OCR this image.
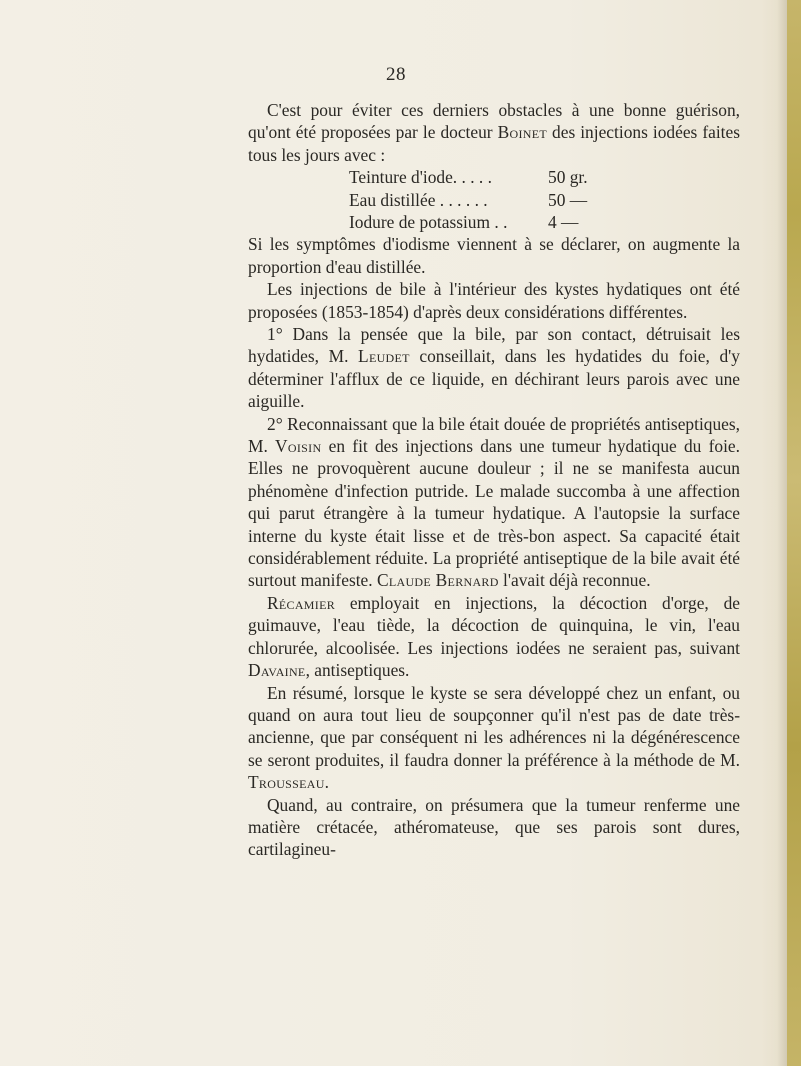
28

C'est pour éviter ces derniers obstacles à une bonne guérison, qu'ont été proposées par le docteur Boinet des injections iodées faites tous les jours avec :

Teinture d'iode. . . . .	50 gr.
Eau distillée . . . . . .	50 —
Iodure de potassium . .	4 —

Si les symptômes d'iodisme viennent à se déclarer, on augmente la proportion d'eau distillée.

Les injections de bile à l'intérieur des kystes hydatiques ont été proposées (1853-1854) d'après deux considérations différentes.

1° Dans la pensée que la bile, par son contact, détruisait les hydatides, M. Leudet conseillait, dans les hydatides du foie, d'y déterminer l'afflux de ce liquide, en déchirant leurs parois avec une aiguille.

2° Reconnaissant que la bile était douée de propriétés antiseptiques, M. Voisin en fit des injections dans une tumeur hydatique du foie. Elles ne provoquèrent aucune douleur ; il ne se manifesta aucun phénomène d'infection putride. Le malade succomba à une affection qui parut étrangère à la tumeur hydatique. A l'autopsie la surface interne du kyste était lisse et de très-bon aspect. Sa capacité était considérablement réduite. La propriété antiseptique de la bile avait été surtout manifeste. Claude Bernard l'avait déjà reconnue.

Récamier employait en injections, la décoction d'orge, de guimauve, l'eau tiède, la décoction de quinquina, le vin, l'eau chlorurée, alcoolisée. Les injections iodées ne seraient pas, suivant Davaine, antiseptiques.

En résumé, lorsque le kyste se sera développé chez un enfant, ou quand on aura tout lieu de soupçonner qu'il n'est pas de date très-ancienne, que par conséquent ni les adhérences ni la dégénérescence se seront produites, il faudra donner la préférence à la méthode de M. Trousseau.

Quand, au contraire, on présumera que la tumeur renferme une matière crétacée, athéromateuse, que ses parois sont dures, cartilagineu-
